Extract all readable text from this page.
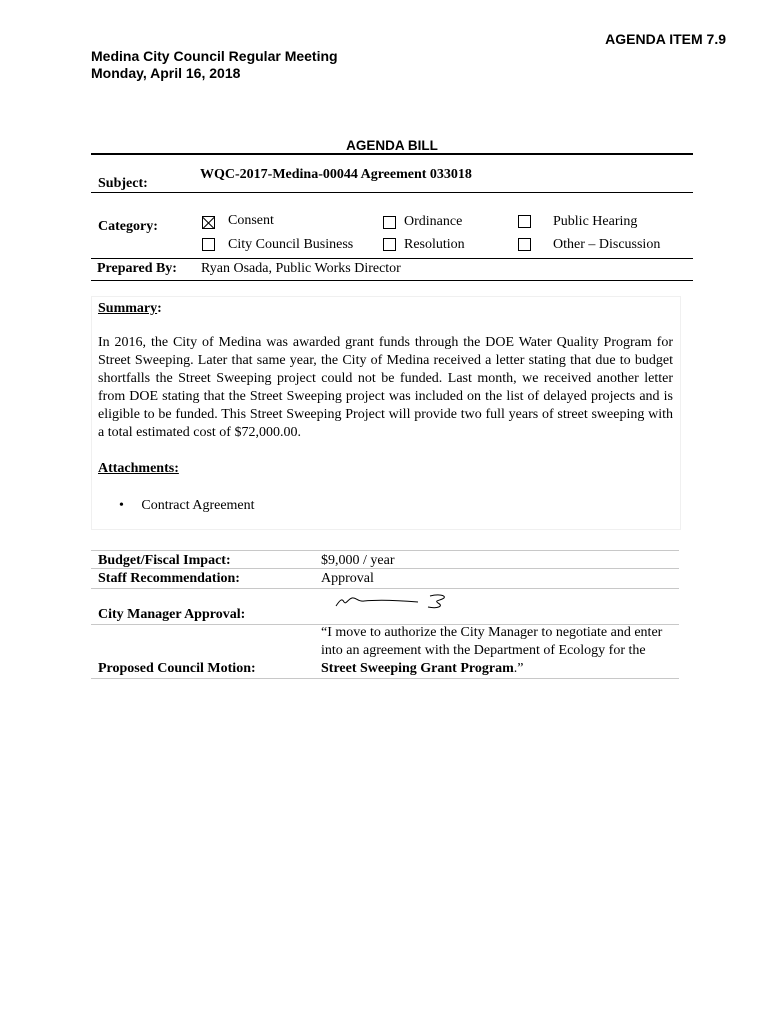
AGENDA ITEM 7.9
Medina City Council Regular Meeting
Monday, April 16, 2018
AGENDA BILL
Subject:
WQC-2017-Medina-00044 Agreement 033018
Category:	Consent	Ordinance	Public Hearing
City Council Business	Resolution	Other – Discussion
Prepared By: Ryan Osada, Public Works Director
Summary:
In 2016, the City of Medina was awarded grant funds through the DOE Water Quality Program for Street Sweeping. Later that same year, the City of Medina received a letter stating that due to budget shortfalls the Street Sweeping project could not be funded. Last month, we received another letter from DOE stating that the Street Sweeping project was included on the list of delayed projects and is eligible to be funded. This Street Sweeping Project will provide two full years of street sweeping with a total estimated cost of $72,000.00.
Attachments:
• Contract Agreement
Budget/Fiscal Impact:	$9,000 / year
Staff Recommendation:	Approval
City Manager Approval:
Proposed Council Motion:
“I move to authorize the City Manager to negotiate and enter into an agreement with the Department of Ecology for the Street Sweeping Grant Program.”
